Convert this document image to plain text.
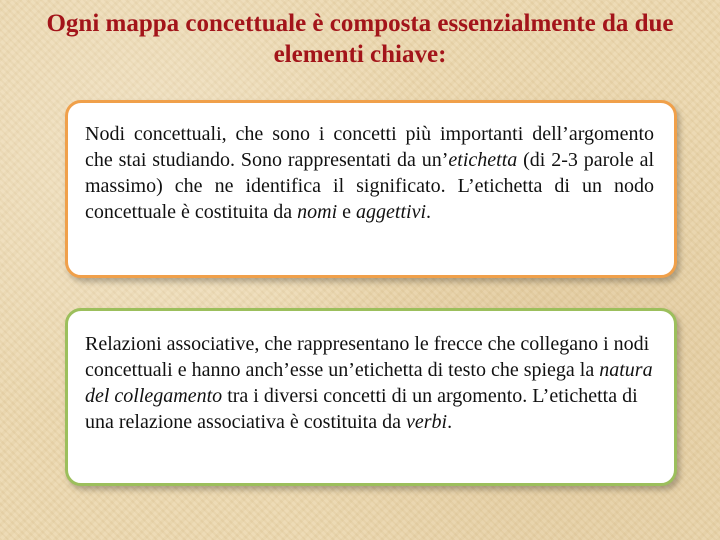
Ogni mappa concettuale è composta essenzialmente da due
elementi chiave:

Nodi concettuali, che sono i concetti più importanti dell’argomento che stai studiando. Sono rappresentati da un’etichetta (di 2-3 parole al massimo) che ne identifica il significato. L’etichetta di un nodo concettuale è costituita da nomi e aggettivi.

Relazioni associative, che rappresentano le frecce che collegano i nodi concettuali e hanno anch’esse un’etichetta di testo che spiega la natura del collegamento tra i diversi concetti di un argomento. L’etichetta di una relazione associativa è costituita da verbi.
